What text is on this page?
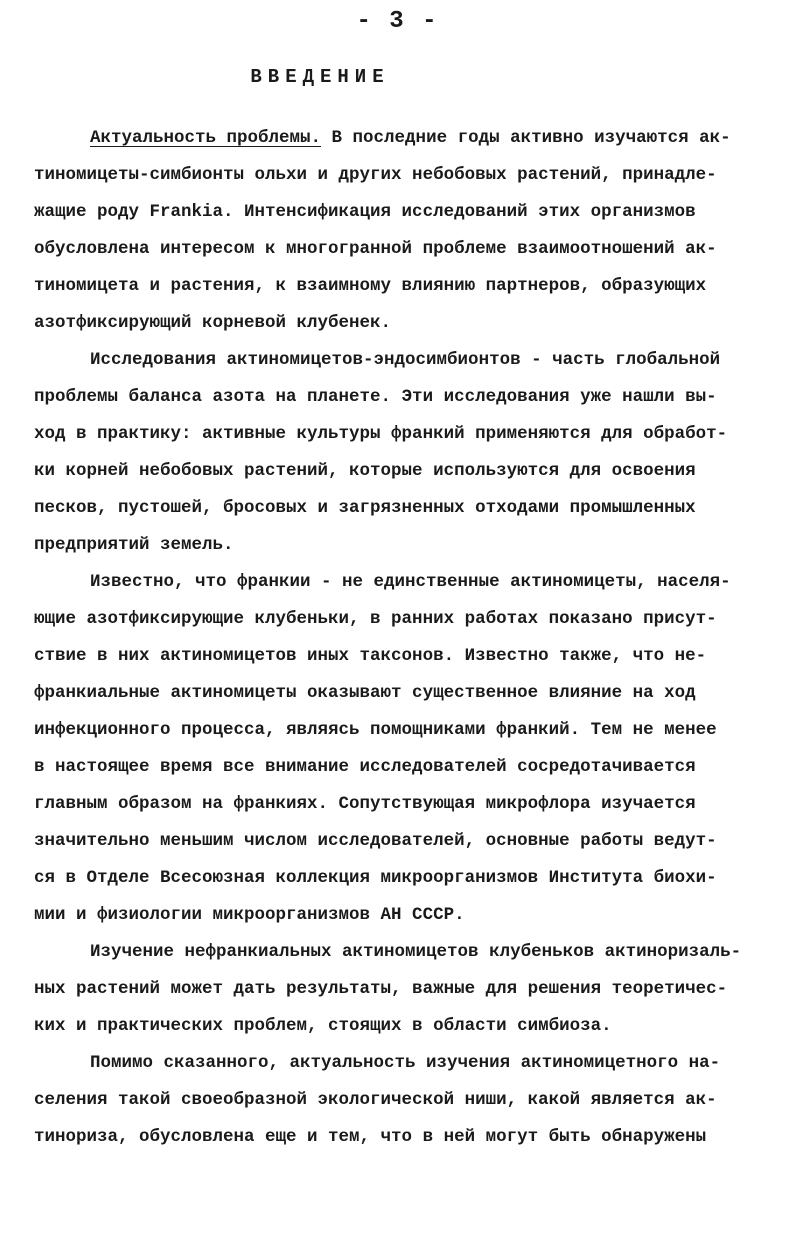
- 3 -
ВВЕДЕНИЕ
Актуальность проблемы. В последние годы активно изучаются ак-
тиномицеты-симбионты ольхи и других небобовых растений, принадле-
жащие роду Frankia. Интенсификация исследований этих организмов
обусловлена интересом к многогранной проблеме взаимоотношений ак-
тиномицета и растения, к взаимному влиянию партнеров, образующих
азотфиксирующий корневой клубенек.
Исследования актиномицетов-эндосимбионтов - часть глобальной
проблемы баланса азота на планете. Эти исследования уже нашли вы-
ход в практику: активные культуры франкий применяются для обработ-
ки корней небобовых растений, которые используются для освоения
песков, пустошей, бросовых и загрязненных отходами промышленных
предприятий земель.
Известно, что франкии - не единственные актиномицеты, населя-
ющие азотфиксирующие клубеньки, в ранних работах показано присут-
ствие в них актиномицетов иных таксонов. Известно также, что не-
франкиальные актиномицеты оказывают существенное влияние на ход
инфекционного процесса, являясь помощниками франкий. Тем не менее
в настоящее время все внимание исследователей сосредотачивается
главным образом на франкиях. Сопутствующая микрофлора изучается
значительно меньшим числом исследователей, основные работы ведут-
ся в Отделе Всесоюзная коллекция микроорганизмов Института биохи-
мии и физиологии микроорганизмов АН СССР.
Изучение нефранкиальных актиномицетов клубеньков актиноризаль-
ных растений может дать результаты, важные для решения теоретичес-
ких и практических проблем, стоящих в области симбиоза.
Помимо сказанного, актуальность изучения актиномицетного на-
селения такой своеобразной экологической ниши, какой является ак-
тиноризa, обусловлена еще и тем, что в ней могут быть обнаружены
